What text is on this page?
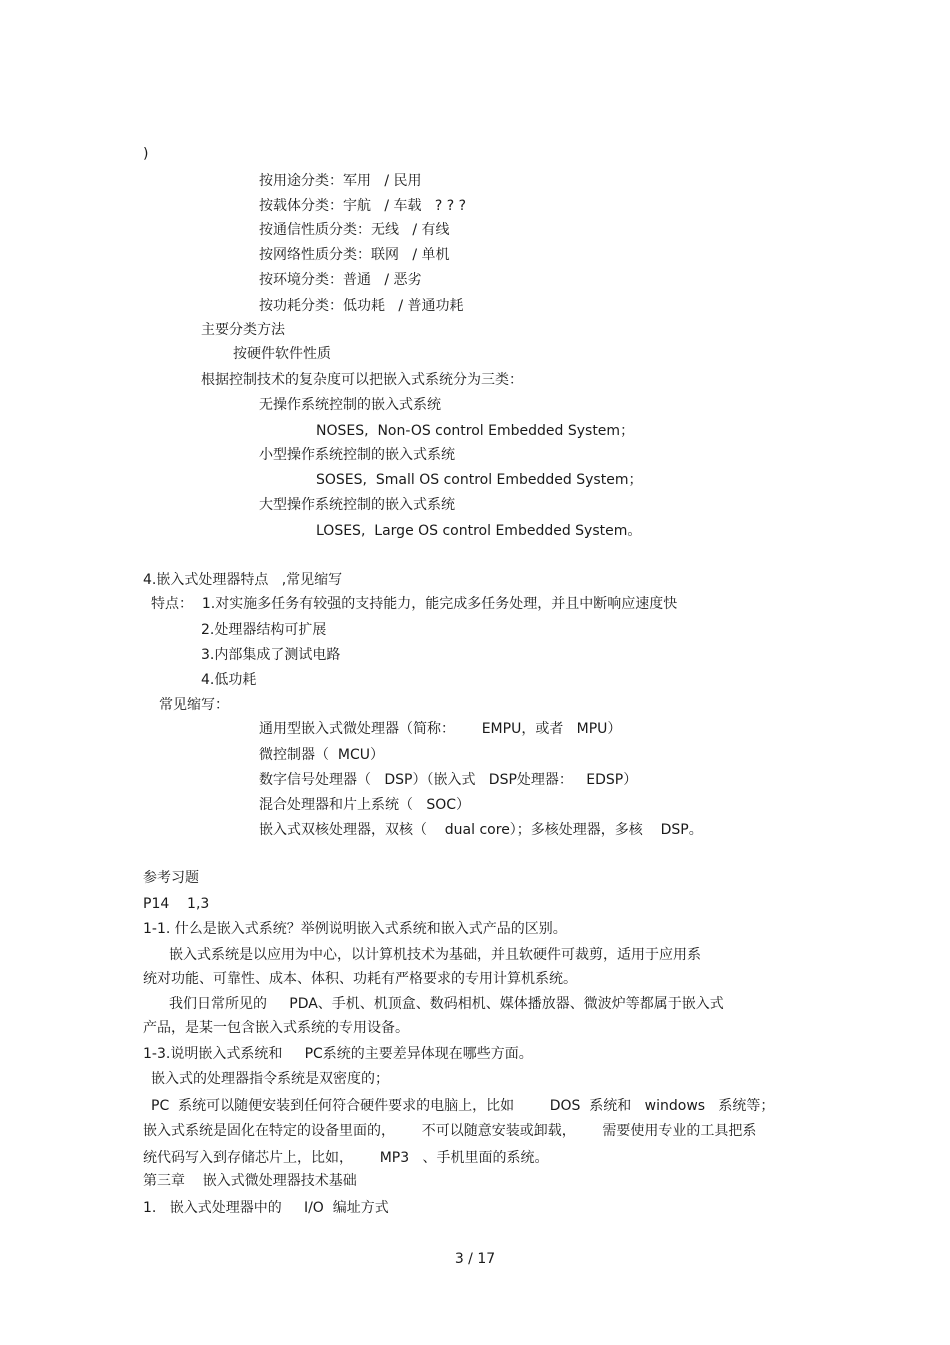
)
按用途分类：军用   / 民用
按载体分类：宇航   / 车载   ? ? ?
按通信性质分类：无线   / 有线
按网络性质分类：联网   / 单机
按环境分类：普通   / 恶劣
按功耗分类：低功耗   / 普通功耗
主要分类方法
按硬件软件性质
根据控制技术的复杂度可以把嵌入式系统分为三类：
无操作系统控制的嵌入式系统
NOSES,  Non-OS control Embedded System；
小型操作系统控制的嵌入式系统
SOSES,  Small OS control Embedded System；
大型操作系统控制的嵌入式系统
LOSES,  Large OS control Embedded System。
4.嵌入式处理器特点   ,常见缩写
特点：  1.对实施多任务有较强的支持能力，能完成多任务处理，并且中断响应速度快
2.处理器结构可扩展
3.内部集成了测试电路
4.低功耗
常见缩写：
通用型嵌入式微处理器（简称：      EMPU，或者   MPU）
微控制器（  MCU）
数字信号处理器（   DSP）（嵌入式   DSP处理器：   EDSP）
混合处理器和片上系统（   SOC）
嵌入式双核处理器，双核（    dual core）；多核处理器，多核    DSP。
参考习题
P14    1,3
1-1. 什么是嵌入式系统？举例说明嵌入式系统和嵌入式产品的区别。
嵌入式系统是以应用为中心，以计算机技术为基础，并且软硬件可裁剪，适用于应用系
统对功能、可靠性、成本、体积、功耗有严格要求的专用计算机系统。
我们日常所见的     PDA、手机、机顶盒、数码相机、媒体播放器、微波炉等都属于嵌入式
产品，是某一包含嵌入式系统的专用设备。
1-3.说明嵌入式系统和     PC系统的主要差异体现在哪些方面。
嵌入式的处理器指令系统是双密度的；
PC  系统可以随便安装到任何符合硬件要求的电脑上，比如        DOS  系统和   windows   系统等；
嵌入式系统是固化在特定的设备里面的，      不可以随意安装或卸载，      需要使用专业的工具把系
统代码写入到存储芯片上，比如，      MP3   、手机里面的系统。
第三章    嵌入式微处理器技术基础
1.   嵌入式处理器中的     I/O  编址方式
3 / 17
